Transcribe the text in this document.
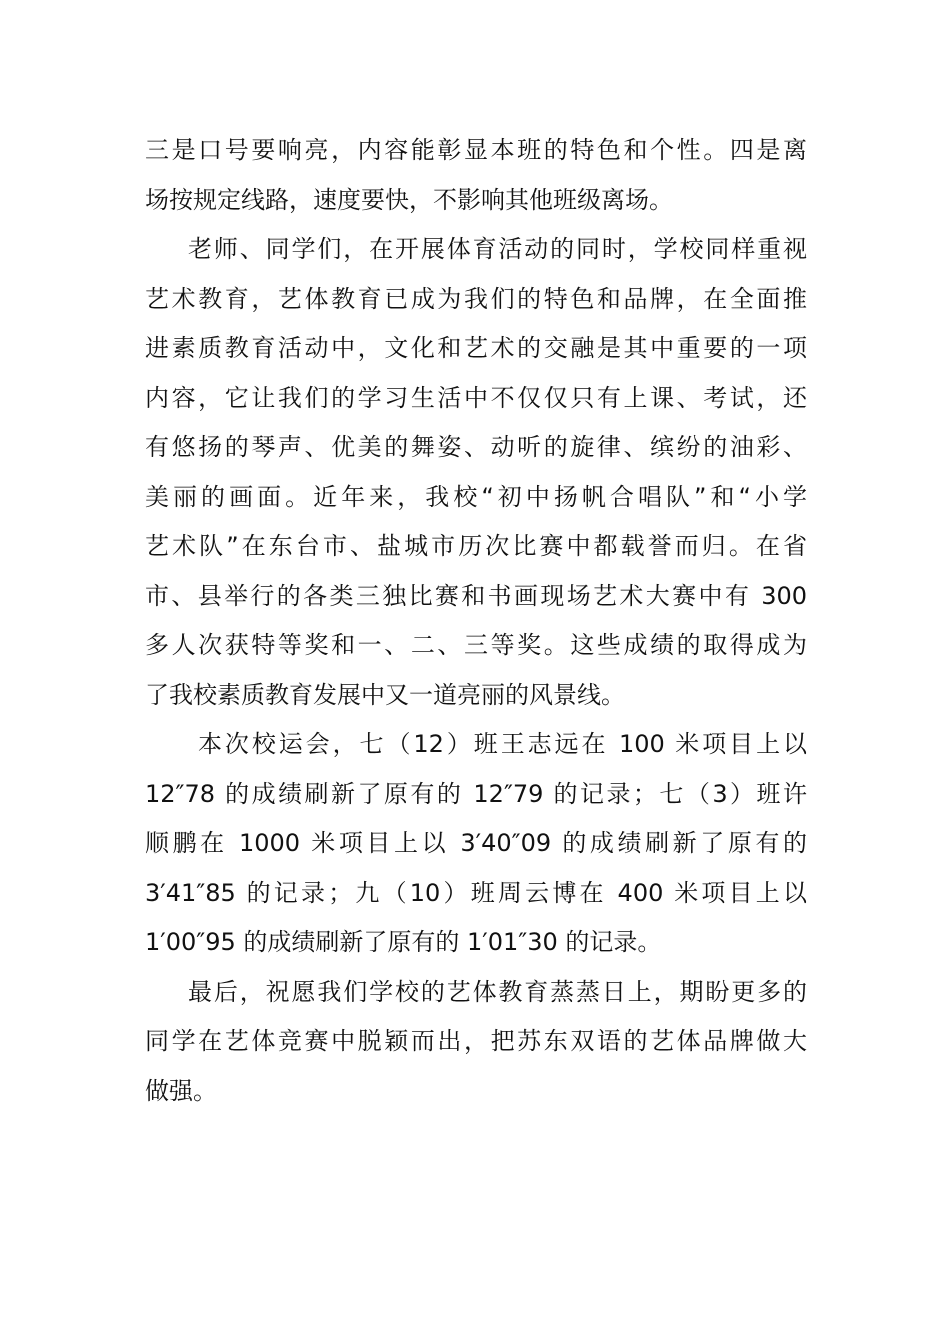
三是口号要响亮，内容能彰显本班的特色和个性。四是离
场按规定线路，速度要快，不影响其他班级离场。
老师、同学们，在开展体育活动的同时，学校同样重视
艺术教育，艺体教育已成为我们的特色和品牌，在全面推
进素质教育活动中，文化和艺术的交融是其中重要的一项
内容，它让我们的学习生活中不仅仅只有上课、考试，还
有悠扬的琴声、优美的舞姿、动听的旋律、缤纷的油彩、
美丽的画面。近年来，我校“初中扬帆合唱队”和“小学
艺术队”在东台市、盐城市历次比赛中都载誉而归。在省
市、县举行的各类三独比赛和书画现场艺术大赛中有 300
多人次获特等奖和一、二、三等奖。这些成绩的取得成为
了我校素质教育发展中又一道亮丽的风景线。
本次校运会，七（12）班王志远在 100 米项目上以
12″78 的成绩刷新了原有的 12″79 的记录；七（3）班许
顺鹏在 1000 米项目上以 3′40″09 的成绩刷新了原有的
3′41″85 的记录；九（10）班周云博在 400 米项目上以
1′00″95 的成绩刷新了原有的 1′01″30 的记录。
最后，祝愿我们学校的艺体教育蒸蒸日上，期盼更多的
同学在艺体竞赛中脱颖而出，把苏东双语的艺体品牌做大
做强。
